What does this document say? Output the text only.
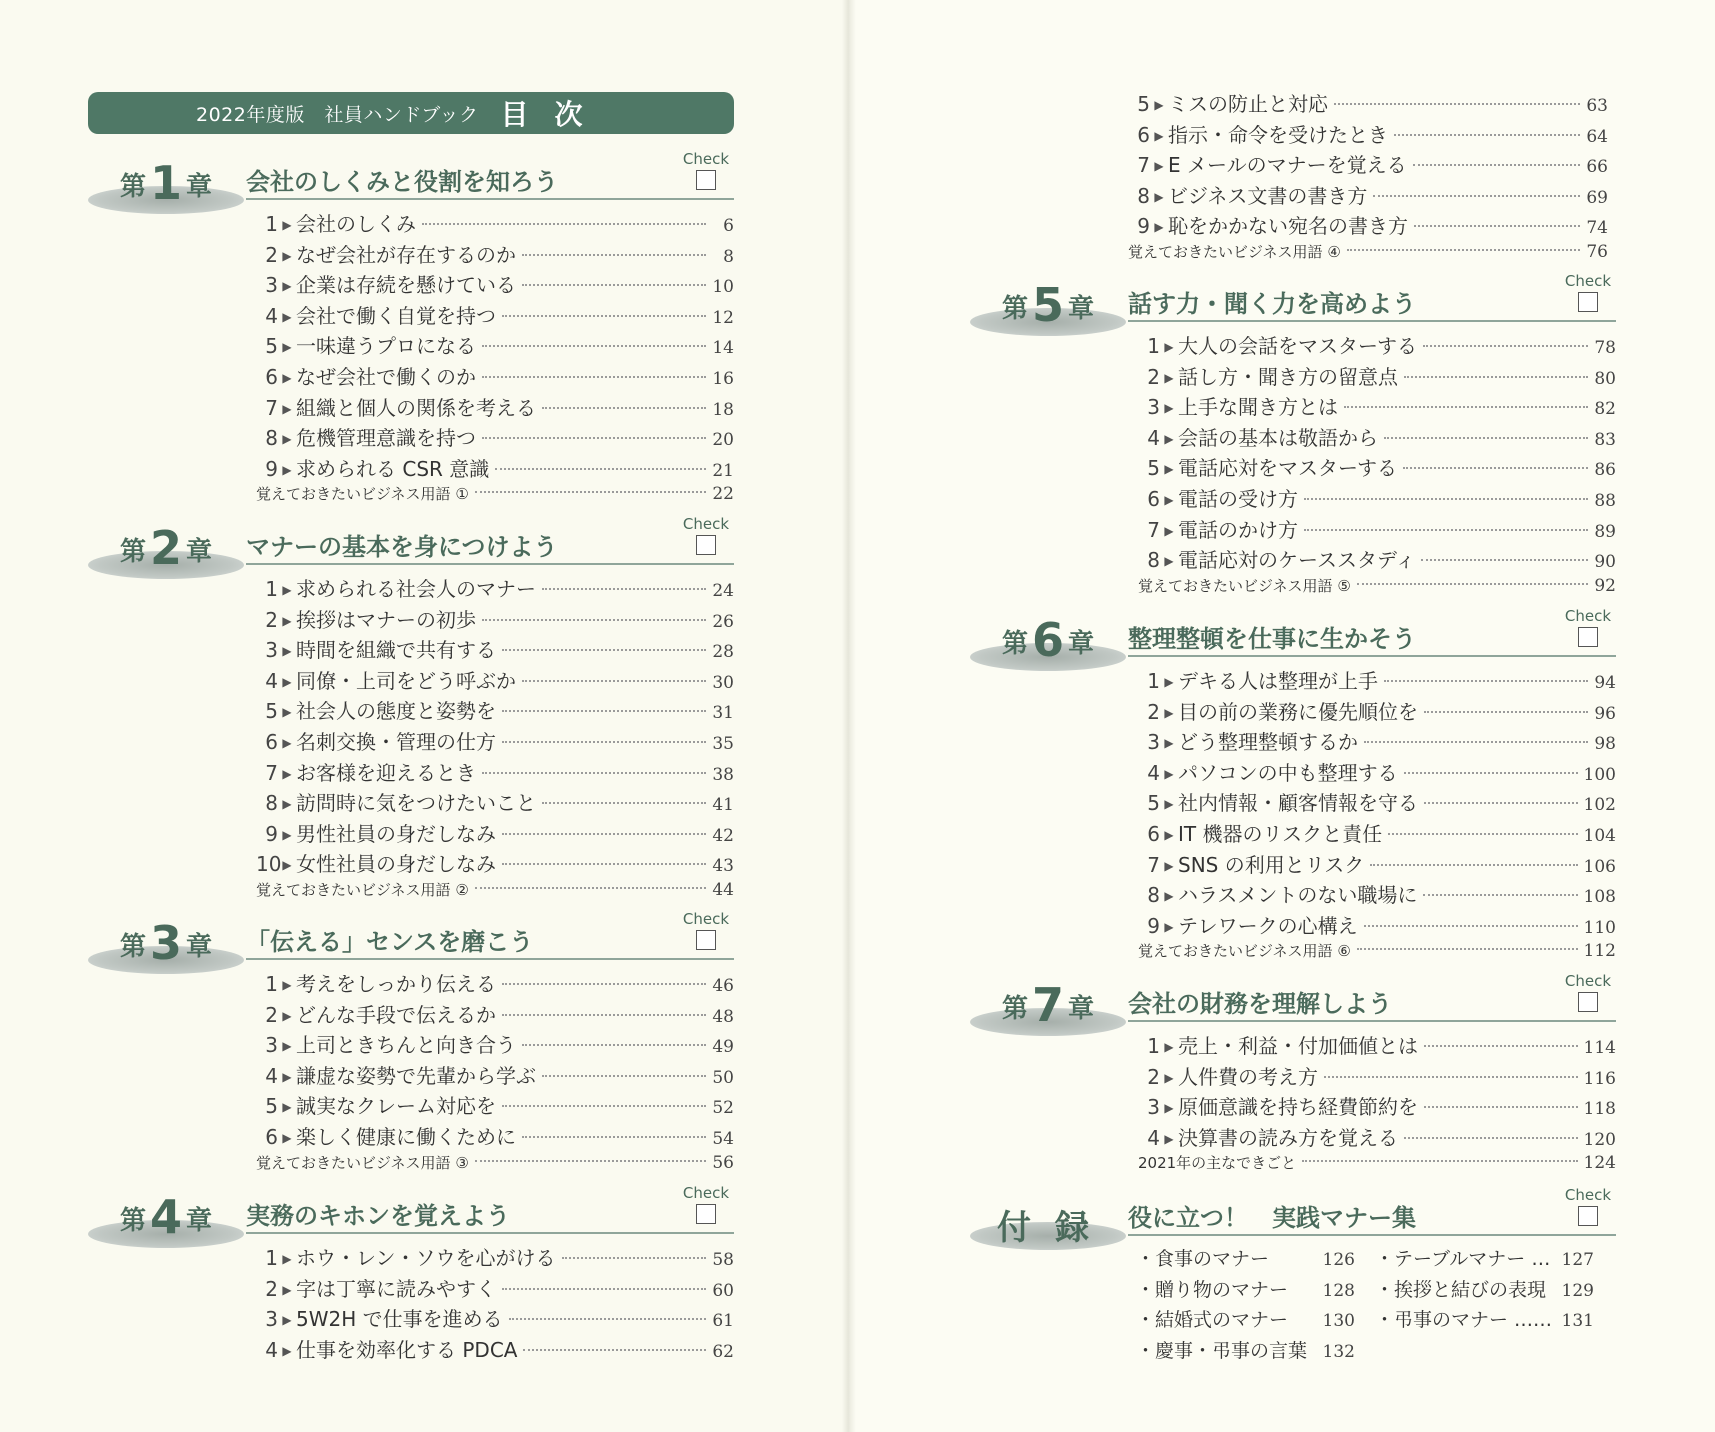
2022年度版　社員ハンドブック 目次
第1 章	会社のしくみと役割を知ろう
Check
1 ▶ 会社のしくみ	6
2 ▶ なぜ会社が存在するのか	8
3 ▶ 企業は存続を懸けている	10
4 ▶ 会社で働く自覚を持つ	12
5 ▶ 一味違うプロになる	14
6 ▶ なぜ会社で働くのか	16
7 ▶ 組織と個人の関係を考える	18
8 ▶ 危機管理意識を持つ	20
9 ▶ 求められる CSR 意識	21
覚えておきたいビジネス用語 ①	22
第2 章	マナーの基本を身につけよう
Check
1 ▶ 求められる社会人のマナー	24
2 ▶ 挨拶はマナーの初歩	26
3 ▶ 時間を組織で共有する	28
4 ▶ 同僚・上司をどう呼ぶか	30
5 ▶ 社会人の態度と姿勢を	31
6 ▶ 名刺交換・管理の仕方	35
7 ▶ お客様を迎えるとき	38
8 ▶ 訪問時に気をつけたいこと	41
9 ▶ 男性社員の身だしなみ	42
10 ▶ 女性社員の身だしなみ	43
覚えておきたいビジネス用語 ②	44
第3 章	「伝える」センスを磨こう
Check
1 ▶ 考えをしっかり伝える	46
2 ▶ どんな手段で伝えるか	48
3 ▶ 上司ときちんと向き合う	49
4 ▶ 謙虚な姿勢で先輩から学ぶ	50
5 ▶ 誠実なクレーム対応を	52
6 ▶ 楽しく健康に働くために	54
覚えておきたいビジネス用語 ③	56
第4 章	実務のキホンを覚えよう
Check
1 ▶ ホウ・レン・ソウを心がける	58
2 ▶ 字は丁寧に読みやすく	60
3 ▶ 5W2H で仕事を進める	61
4 ▶ 仕事を効率化する PDCA	62
5 ▶ ミスの防止と対応	63
6 ▶ 指示・命令を受けたとき	64
7 ▶ E メールのマナーを覚える	66
8 ▶ ビジネス文書の書き方	69
9 ▶ 恥をかかない宛名の書き方	74
覚えておきたいビジネス用語 ④	76
第5 章	話す力・聞く力を高めよう
Check
1 ▶ 大人の会話をマスターする	78
2 ▶ 話し方・聞き方の留意点	80
3 ▶ 上手な聞き方とは	82
4 ▶ 会話の基本は敬語から	83
5 ▶ 電話応対をマスターする	86
6 ▶ 電話の受け方	88
7 ▶ 電話のかけ方	89
8 ▶ 電話応対のケーススタディ	90
覚えておきたいビジネス用語 ⑤	92
第6 章	整理整頓を仕事に生かそう
Check
1 ▶ デキる人は整理が上手	94
2 ▶ 目の前の業務に優先順位を	96
3 ▶ どう整理整頓するか	98
4 ▶ パソコンの中も整理する	100
5 ▶ 社内情報・顧客情報を守る	102
6 ▶ IT 機器のリスクと責任	104
7 ▶ SNS の利用とリスク	106
8 ▶ ハラスメントのない職場に	108
9 ▶ テレワークの心構え	110
覚えておきたいビジネス用語 ⑥	112
第7 章	会社の財務を理解しよう
Check
1 ▶ 売上・利益・付加価値とは	114
2 ▶ 人件費の考え方	116
3 ▶ 原価意識を持ち経費節約を	118
4 ▶ 決算書の読み方を覚える	120
2021年の主なできごと	124
付録 役に立つ！　実践マナー集
Check
・食事のマナー	126 ・テーブルマナー … 127
・贈り物のマナー	128 ・挨拶と結びの表現 129
・結婚式のマナー	130 ・弔事のマナー …… 131
・慶事・弔事の言葉 132
